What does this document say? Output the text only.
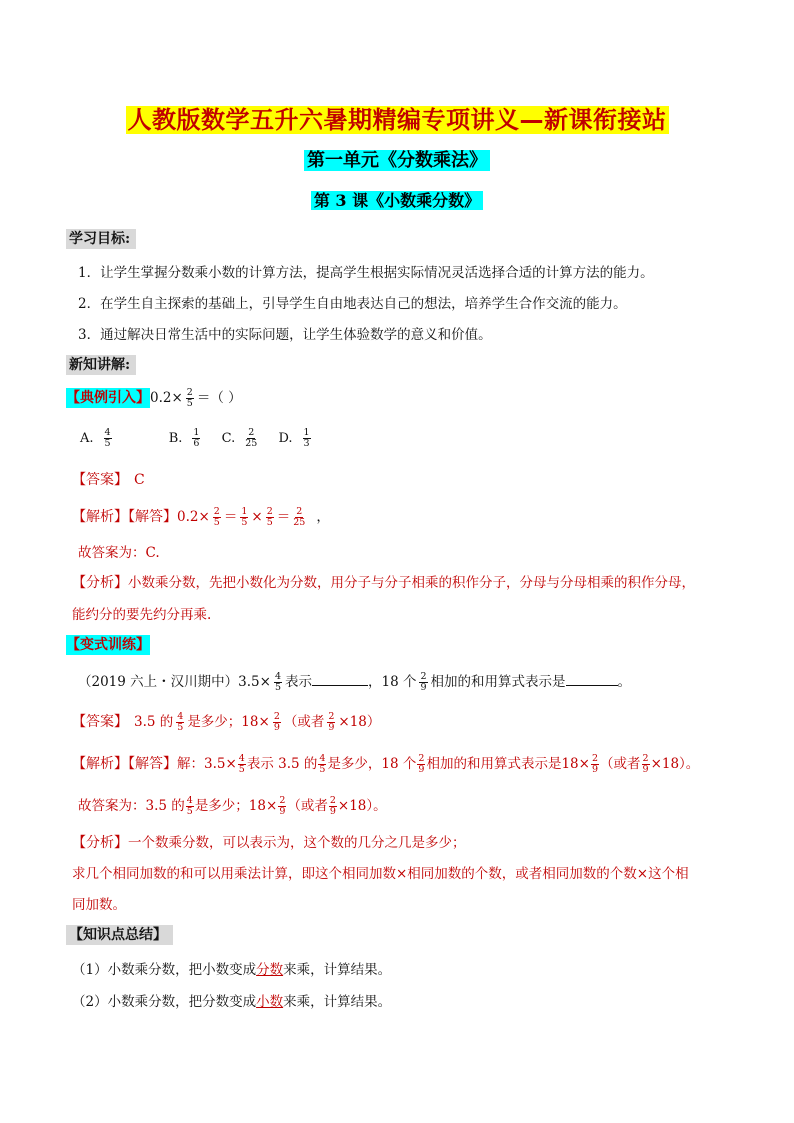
人教版数学五升六暑期精编专项讲义—新课衔接站
第一单元《分数乘法》
第 3 课《小数乘分数》
学习目标:
1．让学生掌握分数乘小数的计算方法，提高学生根据实际情况灵活选择合适的计算方法的能力。
2．在学生自主探索的基础上，引导学生自由地表达自己的想法，培养学生合作交流的能力。
3．通过解决日常生活中的实际问题，让学生体验数学的意义和价值。
新知讲解:
【典例引入】$0.2\times \frac{2}{5}$ ＝（ ）
A. $\frac{4}{5}$	B. $\frac{1}{6} C$. $\frac{2}{25} D$. $\frac{1}{3}$
【答案】 C
【解析】【解答】$0.2\times \frac{2}{5} = \frac{1}{5} \times \frac{2}{5} = \frac{2}{25}$ ，
故答案为：C.
【分析】小数乘分数，先把小数化为分数，用分子与分子相乘的积作分子，分母与分母相乘的积作分母，
能约分的要先约分再乘.
【变式训练】
（2019 六上・汉川期中）$3.5\times \frac{4}{5}$ 表示	，18 个 $\frac{2}{9}$ 相加的和用算式表示是	。
【答案】 3.5 的 $\frac{4}{5}$ 是多少；$18\times \frac{2}{9}$ （或者 $\frac{2}{9} \times 18$）
【解析】【解答】解：$3.5\times \frac{4}{5}$ 表示 3.5 的 $\frac{4}{5}$ 是多少，18 个 $\frac{2}{9}$ 相加的和用算式表示是$18\times \frac{2}{9}$ （或者 $\frac{2}{9} \times 18$）。
故答案为：3.5 的 $\frac{4}{5}$ 是多少；$18\times \frac{2}{9}$ （或者 $\frac{2}{9} \times 18$）。
【分析】一个数乘分数，可以表示为，这个数的几分之几是多少；
求几个相同加数的和可以用乘法计算，即这个相同加数×相同加数的个数，或者相同加数的个数×这个相
同加数。
【知识点总结】
（1）小数乘分数，把小数变成分数来乘，计算结果。
（2）小数乘分数，把分数变成小数来乘，计算结果。
